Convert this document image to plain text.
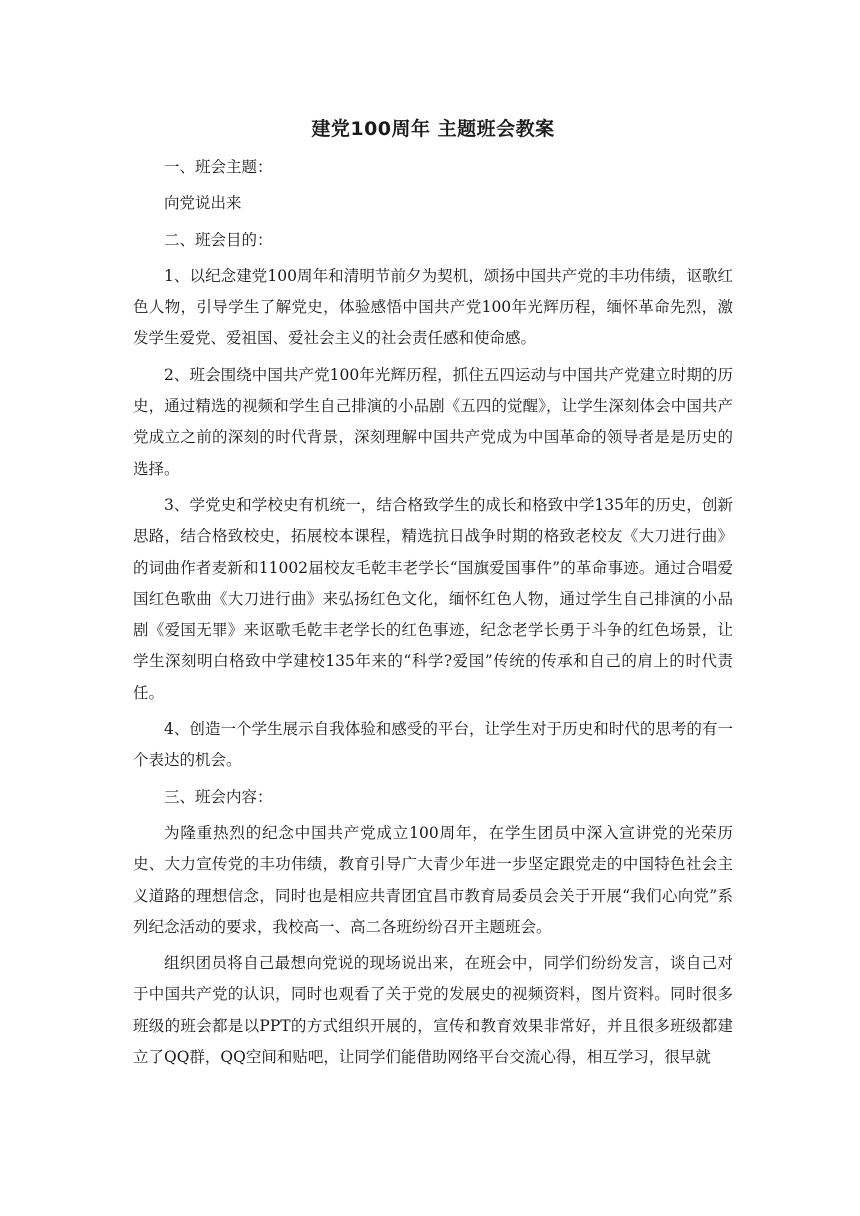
建党100周年 主题班会教案

一、班会主题：

向党说出来

二、班会目的：

1、以纪念建党100周年和清明节前夕为契机，颂扬中国共产党的丰功伟绩，讴歌红色人物，引导学生了解党史，体验感悟中国共产党100年光辉历程，缅怀革命先烈，激发学生爱党、爱祖国、爱社会主义的社会责任感和使命感。

2、班会围绕中国共产党100年光辉历程，抓住五四运动与中国共产党建立时期的历史，通过精选的视频和学生自己排演的小品剧《五四的觉醒》，让学生深刻体会中国共产党成立之前的深刻的时代背景，深刻理解中国共产党成为中国革命的领导者是是历史的选择。

3、学党史和学校史有机统一，结合格致学生的成长和格致中学135年的历史，创新思路，结合格致校史，拓展校本课程，精选抗日战争时期的格致老校友《大刀进行曲》的词曲作者麦新和11002届校友毛乾丰老学长“国旗爱国事件”的革命事迹。通过合唱爱国红色歌曲《大刀进行曲》来弘扬红色文化，缅怀红色人物，通过学生自己排演的小品剧《爱国无罪》来讴歌毛乾丰老学长的红色事迹，纪念老学长勇于斗争的红色场景，让学生深刻明白格致中学建校135年来的“科学?爱国”传统的传承和自己的肩上的时代责任。

4、创造一个学生展示自我体验和感受的平台，让学生对于历史和时代的思考的有一个表达的机会。

三、班会内容：

为隆重热烈的纪念中国共产党成立100周年，在学生团员中深入宣讲党的光荣历史、大力宣传党的丰功伟绩，教育引导广大青少年进一步坚定跟党走的中国特色社会主义道路的理想信念，同时也是相应共青团宜昌市教育局委员会关于开展“我们心向党”系列纪念活动的要求，我校高一、高二各班纷纷召开主题班会。

组织团员将自己最想向党说的现场说出来，在班会中，同学们纷纷发言，谈自己对于中国共产党的认识，同时也观看了关于党的发展史的视频资料，图片资料。同时很多班级的班会都是以PPT的方式组织开展的，宣传和教育效果非常好，并且很多班级都建立了QQ群，QQ空间和贴吧，让同学们能借助网络平台交流心得，相互学习，很早就
